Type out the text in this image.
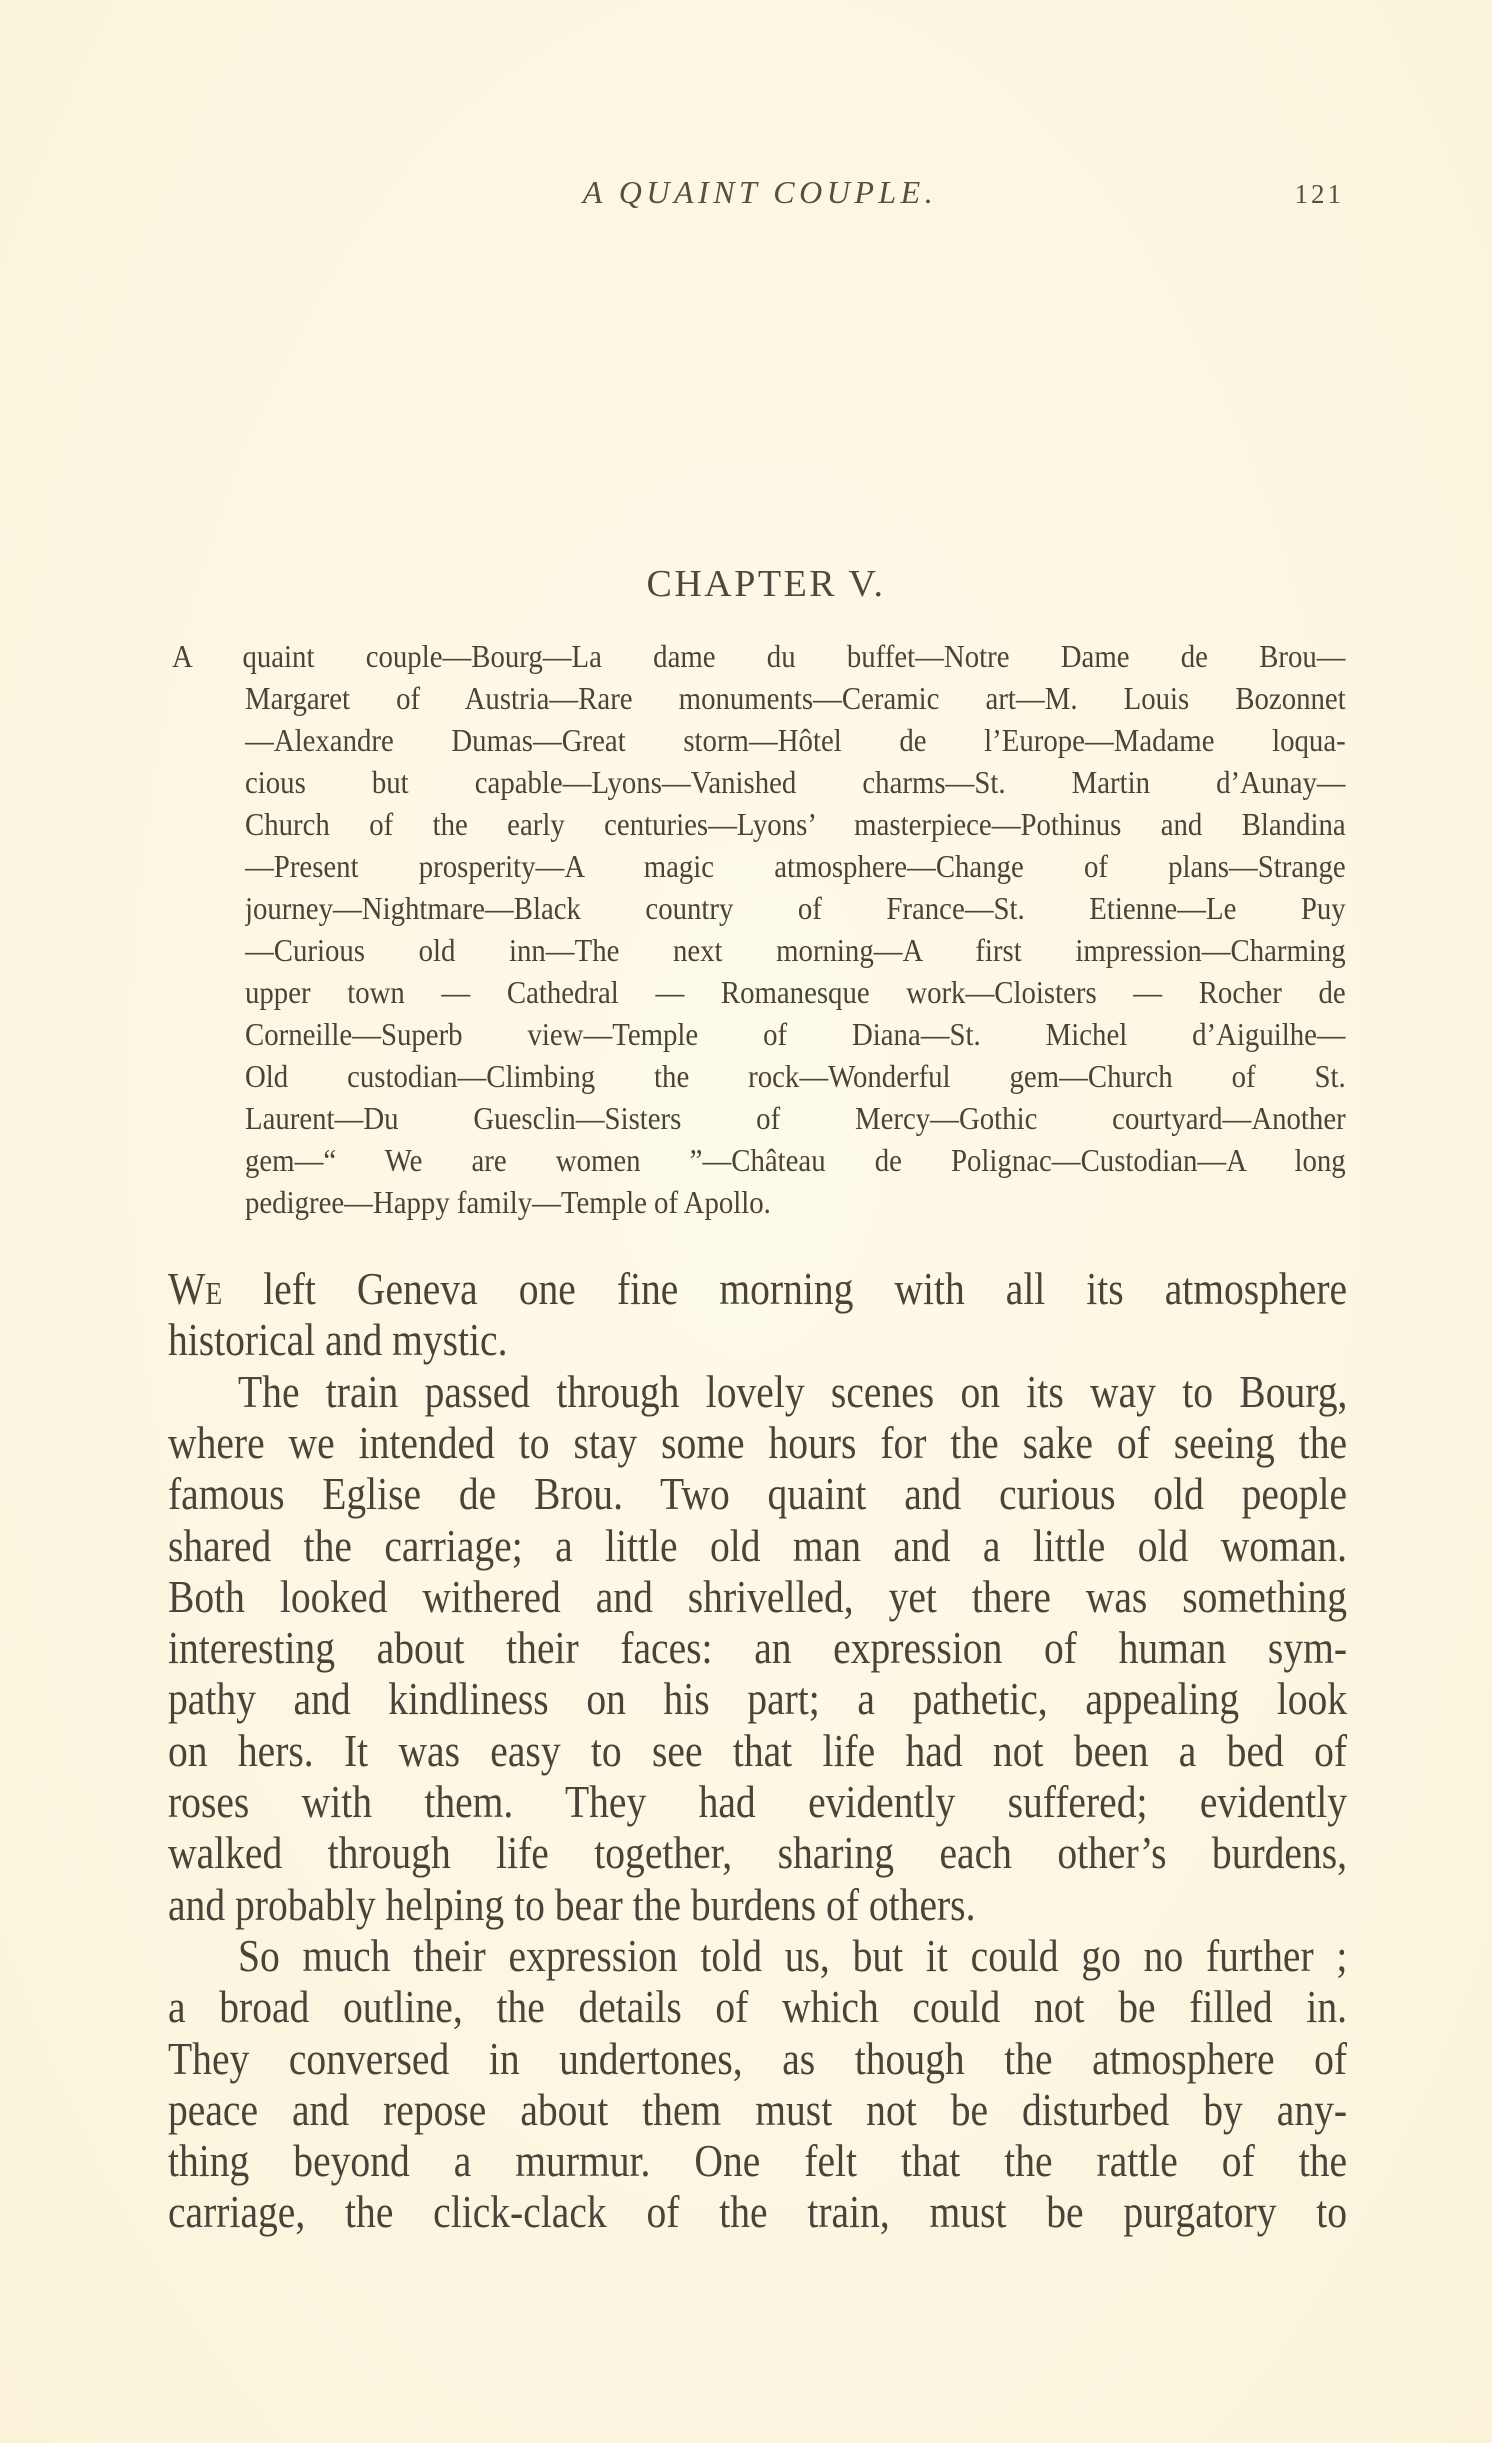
A QUAINT COUPLE.	121
CHAPTER V.
A quaint couple—Bourg—La dame du buffet—Notre Dame de Brou—
Margaret of Austria—Rare monuments—Ceramic art—M. Louis Bozonnet
—Alexandre Dumas—Great storm—Hôtel de l’Europe—Madame loqua-
cious but capable—Lyons—Vanished charms—St. Martin d’Aunay—
Church of the early centuries—Lyons’ masterpiece—Pothinus and Blandina
—Present prosperity—A magic atmosphere—Change of plans—Strange
journey—Nightmare—Black country of France—St. Etienne—Le Puy
—Curious old inn—The next morning—A first impression—Charming
upper town — Cathedral — Romanesque work—Cloisters — Rocher de
Corneille—Superb view—Temple of Diana—St. Michel d’Aiguilhe—
Old custodian—Climbing the rock—Wonderful gem—Church of St.
Laurent—Du Guesclin—Sisters of Mercy—Gothic courtyard—Another
gem—“ We are women ”—Château de Polignac—Custodian—A long
pedigree—Happy family—Temple of Apollo.
We left Geneva one fine morning with all its atmosphere
historical and mystic.
The train passed through lovely scenes on its way to Bourg,
where we intended to stay some hours for the sake of seeing the
famous Eglise de Brou. Two quaint and curious old people
shared the carriage; a little old man and a little old woman.
Both looked withered and shrivelled, yet there was something
interesting about their faces: an expression of human sym-
pathy and kindliness on his part; a pathetic, appealing look
on hers. It was easy to see that life had not been a bed of
roses with them. They had evidently suffered; evidently
walked through life together, sharing each other’s burdens,
and probably helping to bear the burdens of others.
So much their expression told us, but it could go no further ;
a broad outline, the details of which could not be filled in.
They conversed in undertones, as though the atmosphere of
peace and repose about them must not be disturbed by any-
thing beyond a murmur. One felt that the rattle of the
carriage, the click-clack of the train, must be purgatory to
